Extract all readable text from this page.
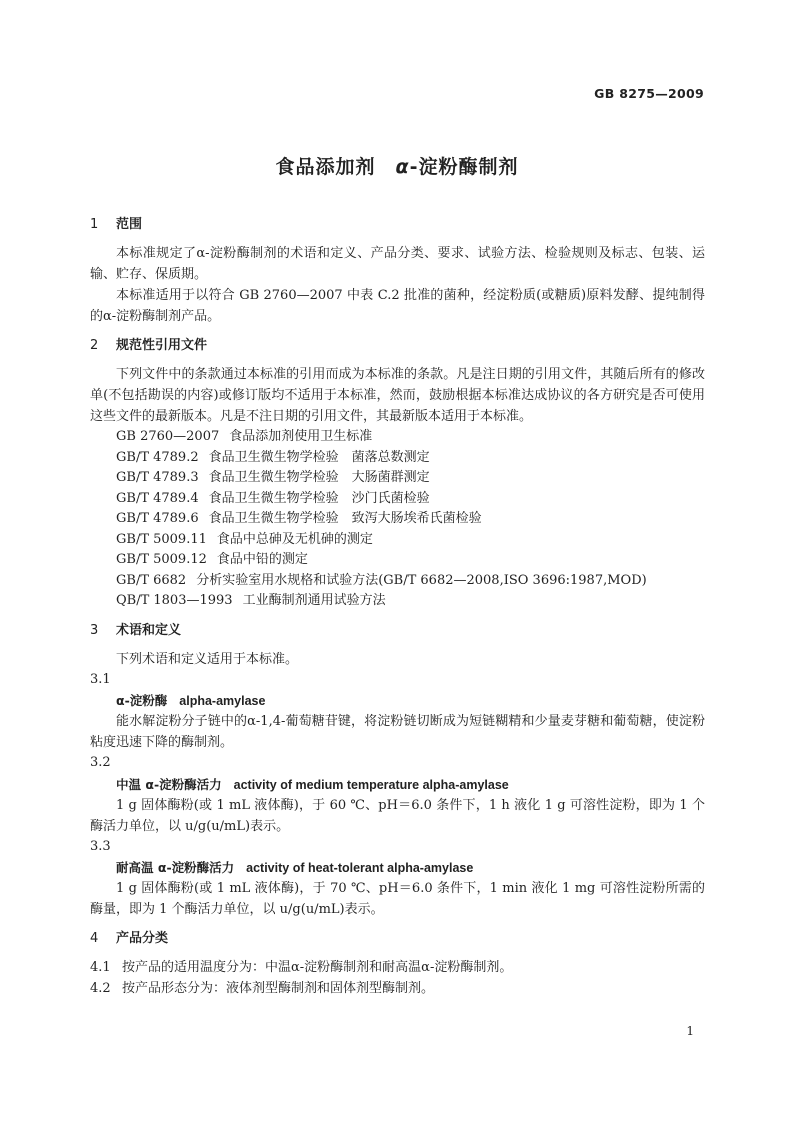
GB 8275—2009
食品添加剂　 α-淀粉酶制剂
1 范围
本标准规定了α-淀粉酶制剂的术语和定义、产品分类、要求、试验方法、检验规则及标志、包装、运输、贮存、保质期。
本标准适用于以符合 GB 2760—2007 中表 C.2 批准的菌种，经淀粉质(或糖质)原料发酵、提纯制得的α-淀粉酶制剂产品。
2 规范性引用文件
下列文件中的条款通过本标准的引用而成为本标准的条款。凡是注日期的引用文件，其随后所有的修改单(不包括勘误的内容)或修订版均不适用于本标准，然而，鼓励根据本标准达成协议的各方研究是否可使用这些文件的最新版本。凡是不注日期的引用文件，其最新版本适用于本标准。
GB 2760—2007 食品添加剂使用卫生标准
GB/T 4789.2 食品卫生微生物学检验　菌落总数测定
GB/T 4789.3 食品卫生微生物学检验　大肠菌群测定
GB/T 4789.4 食品卫生微生物学检验　沙门氏菌检验
GB/T 4789.6 食品卫生微生物学检验　致泻大肠埃希氏菌检验
GB/T 5009.11 食品中总砷及无机砷的测定
GB/T 5009.12 食品中铅的测定
GB/T 6682 分析实验室用水规格和试验方法(GB/T 6682—2008,ISO 3696:1987,MOD)
QB/T 1803—1993 工业酶制剂通用试验方法
3 术语和定义
下列术语和定义适用于本标准。
3.1
α-淀粉酶 alpha-amylase
能水解淀粉分子链中的α-1,4-葡萄糖苷键，将淀粉链切断成为短链糊精和少量麦芽糖和葡萄糖，使淀粉粘度迅速下降的酶制剂。
3.2
中温 α-淀粉酶活力 activity of medium temperature alpha-amylase
1 g 固体酶粉(或 1 mL 液体酶)，于 60 ℃、pH＝6.0 条件下，1 h 液化 1 g 可溶性淀粉，即为 1 个酶活力单位，以 u/g(u/mL)表示。
3.3
耐高温 α-淀粉酶活力 activity of heat-tolerant alpha-amylase
1 g 固体酶粉(或 1 mL 液体酶)，于 70 ℃、pH＝6.0 条件下，1 min 液化 1 mg 可溶性淀粉所需的酶量，即为 1 个酶活力单位，以 u/g(u/mL)表示。
4 产品分类
4.1 按产品的适用温度分为：中温α-淀粉酶制剂和耐高温α-淀粉酶制剂。
4.2 按产品形态分为：液体剂型酶制剂和固体剂型酶制剂。
1
